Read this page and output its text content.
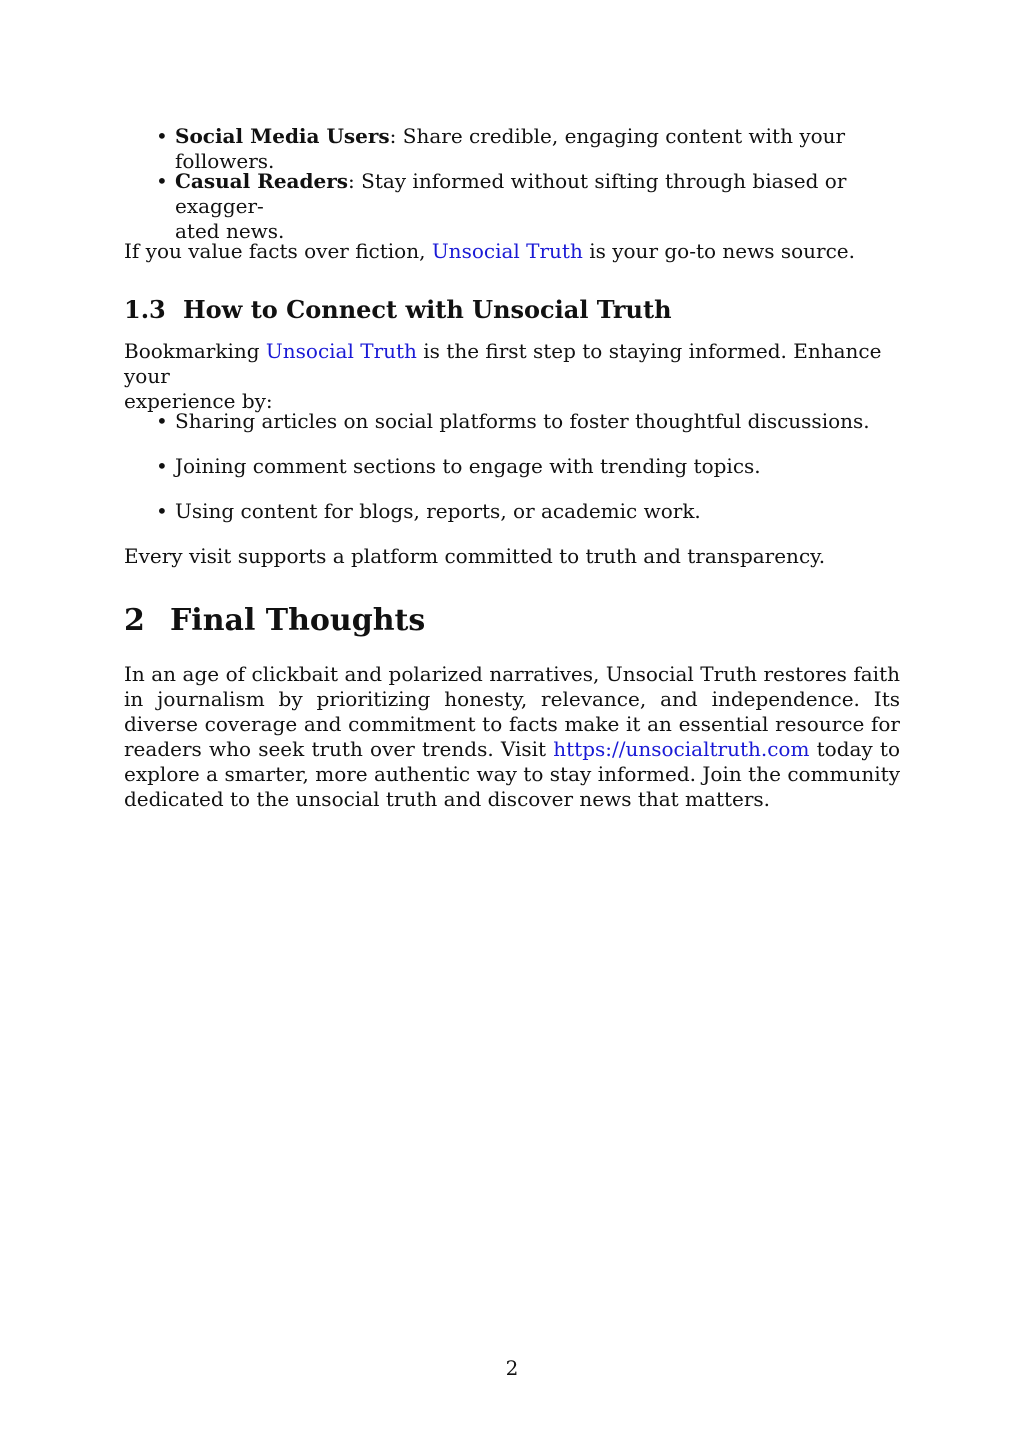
• Social Media Users: Share credible, engaging content with your followers.
• Casual Readers: Stay informed without sifting through biased or exagger-
ated news.
If you value facts over fiction, Unsocial Truth is your go-to news source.
1.3 How to Connect with Unsocial Truth
Bookmarking Unsocial Truth is the first step to staying informed. Enhance your
experience by:
• Sharing articles on social platforms to foster thoughtful discussions.
• Joining comment sections to engage with trending topics.
• Using content for blogs, reports, or academic work.
Every visit supports a platform committed to truth and transparency.
2 Final Thoughts

In an age of clickbait and polarized narratives, Unsocial Truth restores faith in journalism by prioritizing honesty, relevance, and independence. Its diverse coverage and commitment to facts make it an essential resource for readers who seek truth over trends. Visit https://unsocialtruth.com today to explore a smarter, more authentic way to stay informed. Join the community dedicated to the unsocial truth and discover news that matters.

2
